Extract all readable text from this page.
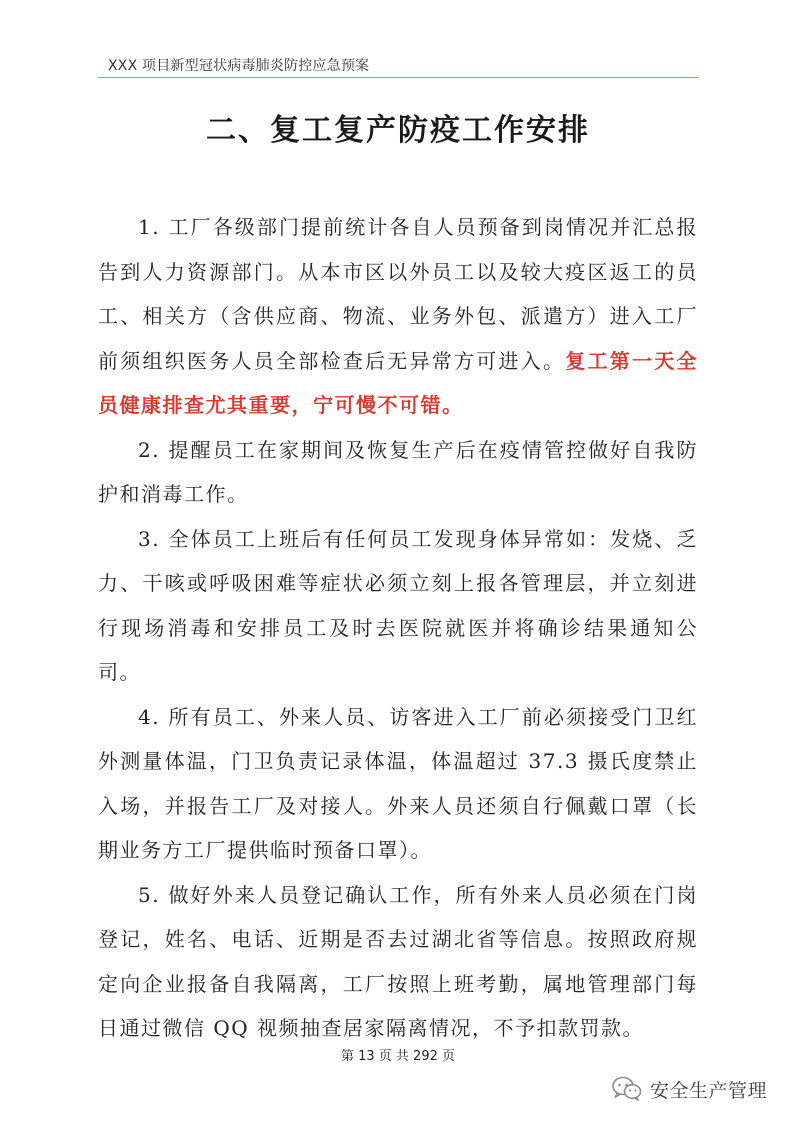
XXX 项目新型冠状病毒肺炎防控应急预案
二、复工复产防疫工作安排

1. 工厂各级部门提前统计各自人员预备到岗情况并汇总报告到人力资源部门。从本市区以外员工以及较大疫区返工的员工、相关方（含供应商、物流、业务外包、派遣方）进入工厂前须组织医务人员全部检查后无异常方可进入。复工第一天全员健康排查尤其重要，宁可慢不可错。

2. 提醒员工在家期间及恢复生产后在疫情管控做好自我防护和消毒工作。

3. 全体员工上班后有任何员工发现身体异常如：发烧、乏力、干咳或呼吸困难等症状必须立刻上报各管理层，并立刻进行现场消毒和安排员工及时去医院就医并将确诊结果通知公司。

4. 所有员工、外来人员、访客进入工厂前必须接受门卫红外测量体温，门卫负责记录体温，体温超过 37.3 摄氏度禁止入场，并报告工厂及对接人。外来人员还须自行佩戴口罩（长期业务方工厂提供临时预备口罩）。

5. 做好外来人员登记确认工作，所有外来人员必须在门岗登记，姓名、电话、近期是否去过湖北省等信息。按照政府规定向企业报备自我隔离，工厂按照上班考勤，属地管理部门每日通过微信 QQ 视频抽查居家隔离情况，不予扣款罚款。

第 13 页 共 292 页
安全生产管理
